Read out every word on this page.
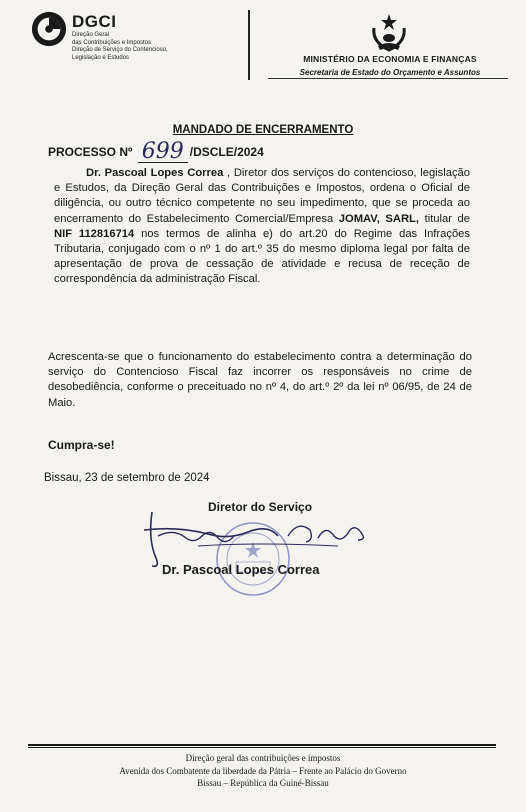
DGCI
Direção Geral
das Contribuições e Impostos
Direção de Serviço do Contencioso,
Legislação e Estudos	MINISTÉRIO DA ECONOMIA E FINANÇAS
Secretaria de Estado do Orçamento e Assuntos
MANDADO DE ENCERRAMENTO
PROCESSO Nº 699 /DSCLE/2024
Dr. Pascoal Lopes Correa , Diretor dos serviços do contencioso, legislação e Estudos, da Direção Geral das Contribuições e Impostos, ordena o Oficial de diligência, ou outro técnico competente no seu impedimento, que se proceda ao encerramento do Estabelecimento Comercial/Empresa JOMAV, SARL, titular de NIF 112816714 nos termos de alinha e) do art.20 do Regime das Infrações Tributaria, conjugado com o nº 1 do art.º 35 do mesmo diploma legal por falta de apresentação de prova de cessação de atividade e recusa de receção de correspondência da administração Fiscal.
Acrescenta-se que o funcionamento do estabelecimento contra a determinação do serviço do Contencioso Fiscal faz incorrer os responsáveis no crime de desobediência, conforme o preceituado no nº 4, do art.º 2º da lei nº 06/95, de 24 de Maio.
Cumpra-se!
Bissau, 23 de setembro de 2024
Diretor do Serviço
Dr. Pascoal Lopes Correa
Direção geral das contribuições e impostos
Avenida dos Combatente da liberdade da Pátria – Frente ao Palácio do Governo
Bissau – República da Guiné-Bissau
